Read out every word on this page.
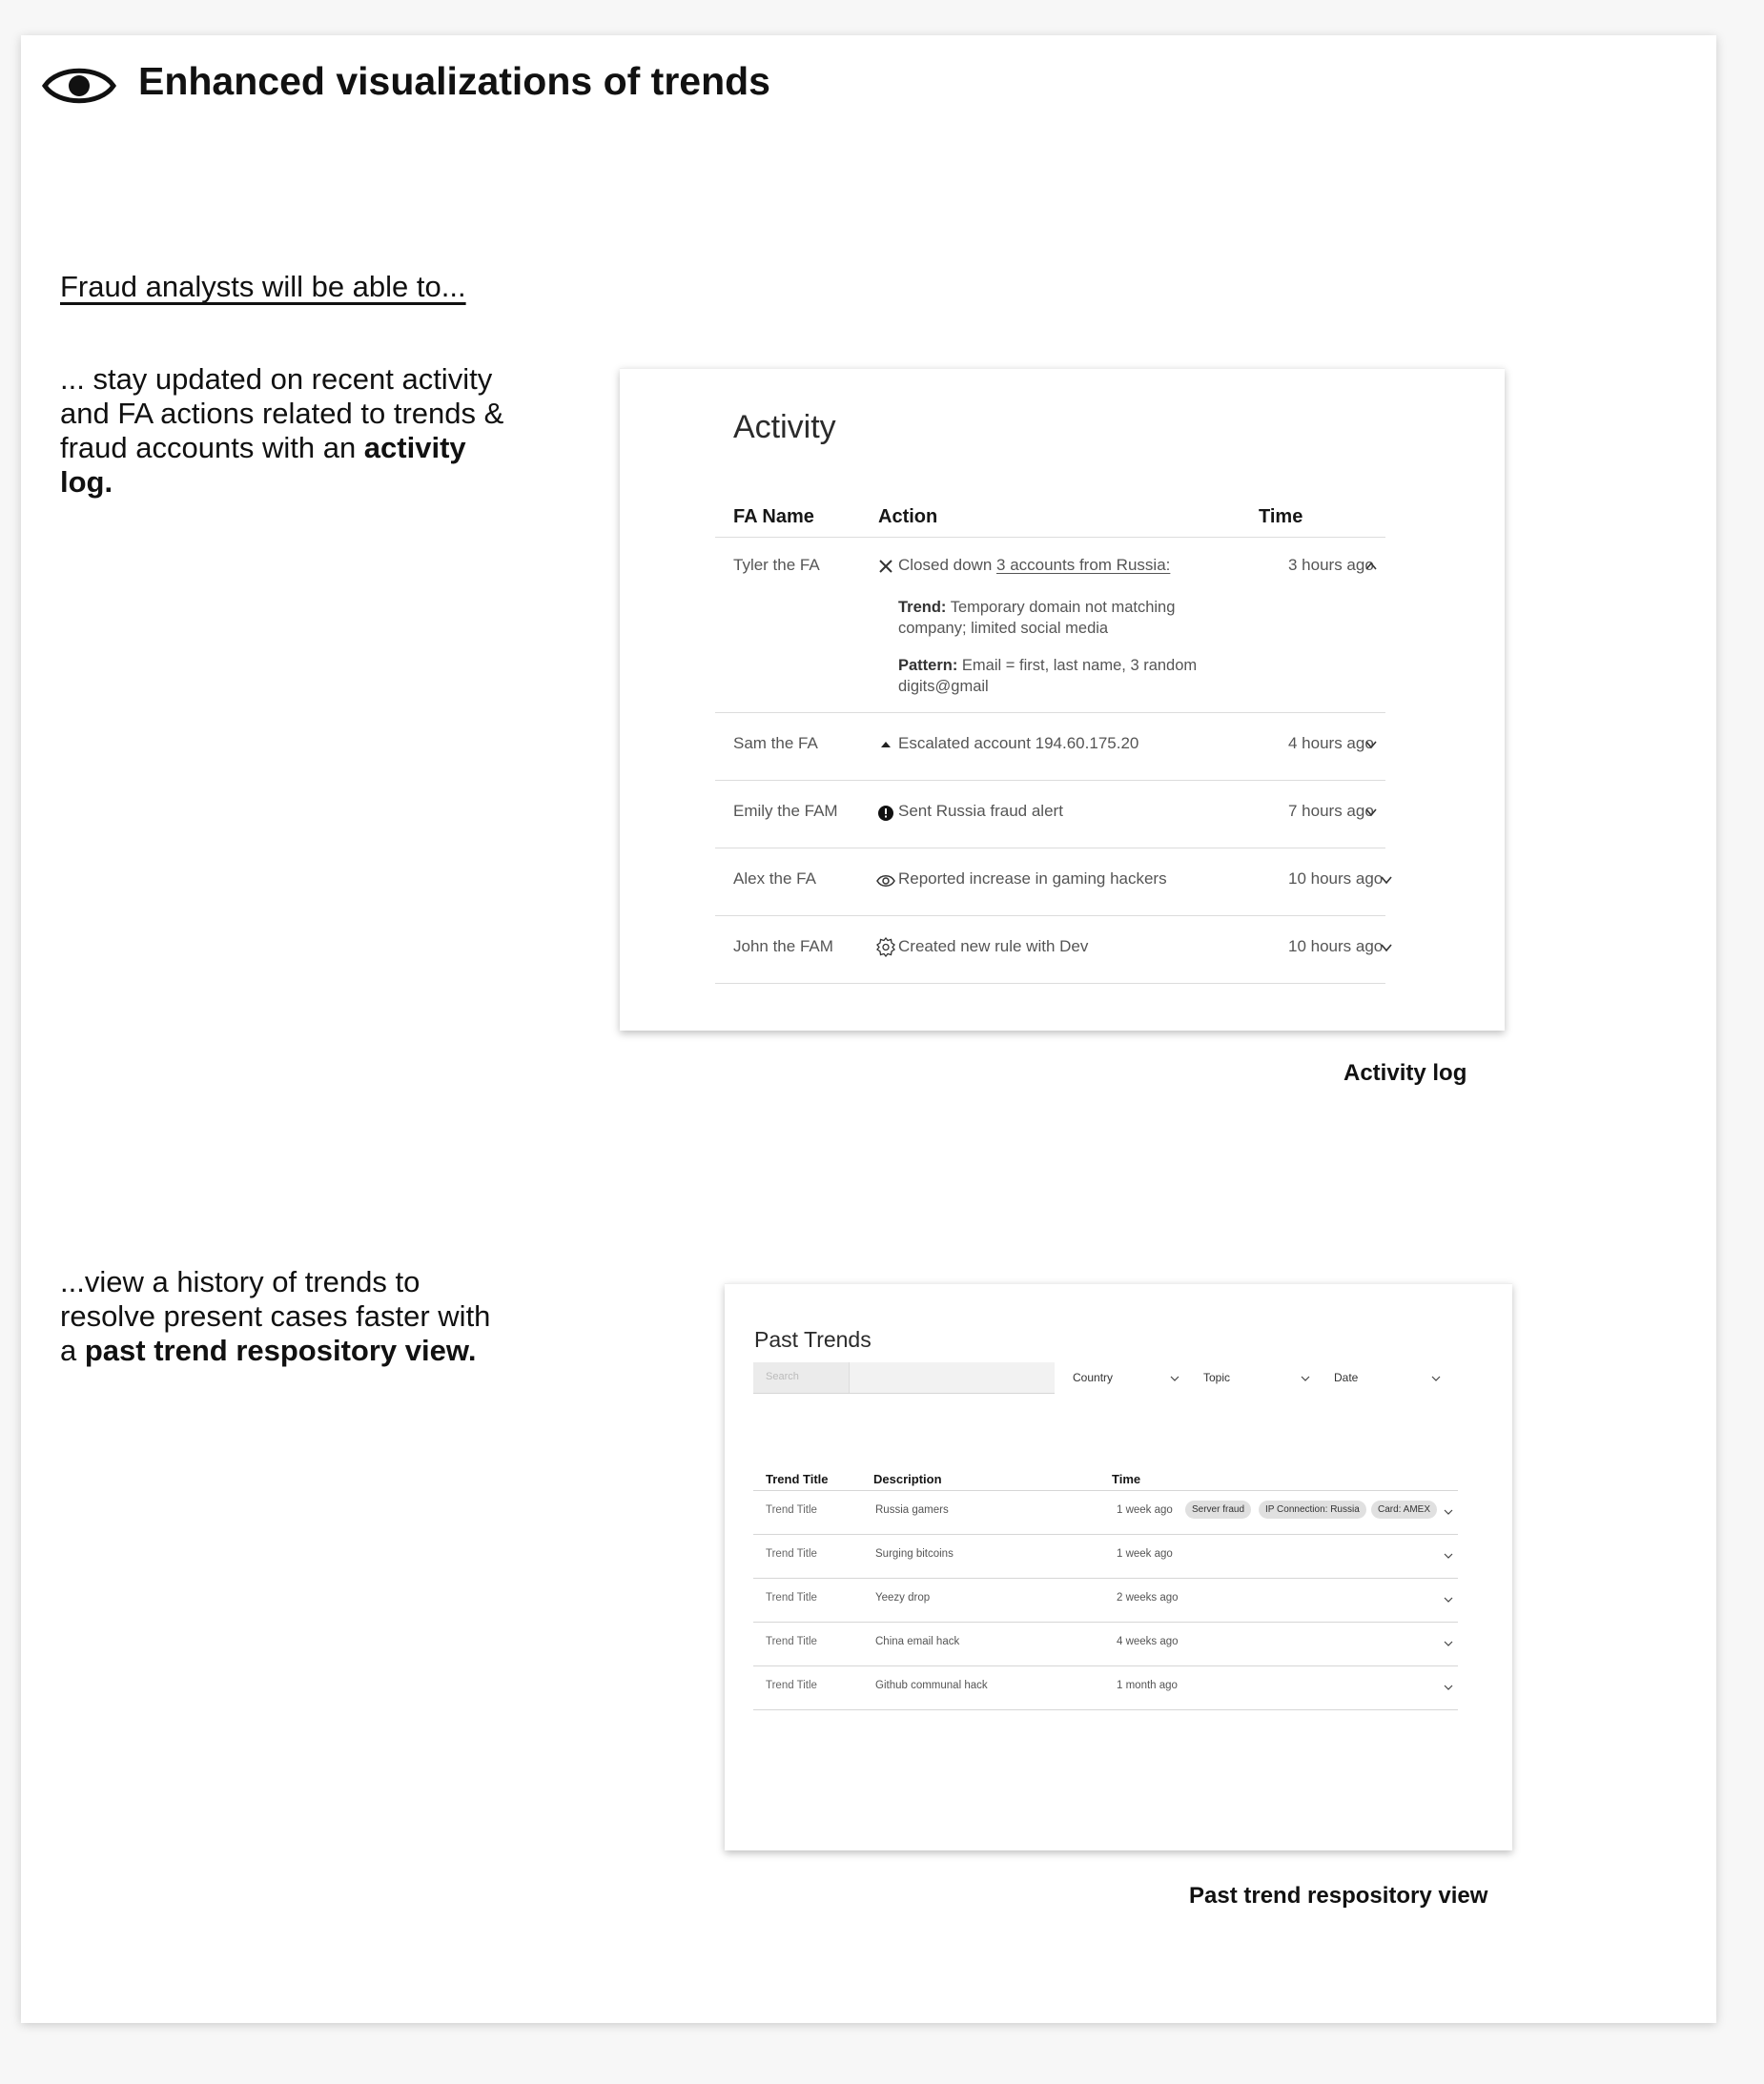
Enhanced visualizations of trends
Fraud analysts will be able to...
... stay updated on recent activity and FA actions related to trends & fraud accounts with an activity log.
Activity
FA Name	Action	Time
Tyler the FA	Closed down 3 accounts from Russia:	3 hours ago
Trend: Temporary domain not matching company; limited social media
Pattern: Email = first, last name, 3 random digits@gmail
Sam the FA	Escalated account 194.60.175.20	4 hours ago
Emily the FAM	Sent Russia fraud alert	7 hours ago
Alex the FA	Reported increase in gaming hackers	10 hours ago
John the FAM	Created new rule with Dev	10 hours ago
Activity log
...view a history of trends to resolve present cases faster with a past trend respository view.	Past Trends
Search	Country	Topic	Date
Trend Title	Description	Time
Trend Title	Russia gamers	1 week ago	Server fraud	IP Connection: Russia	Card: AMEX
Trend Title	Surging bitcoins	1 week ago
Trend Title	Yeezy drop	2 weeks ago
Trend Title	China email hack	4 weeks ago
Trend Title	Github communal hack	1 month ago
Past trend respository view
